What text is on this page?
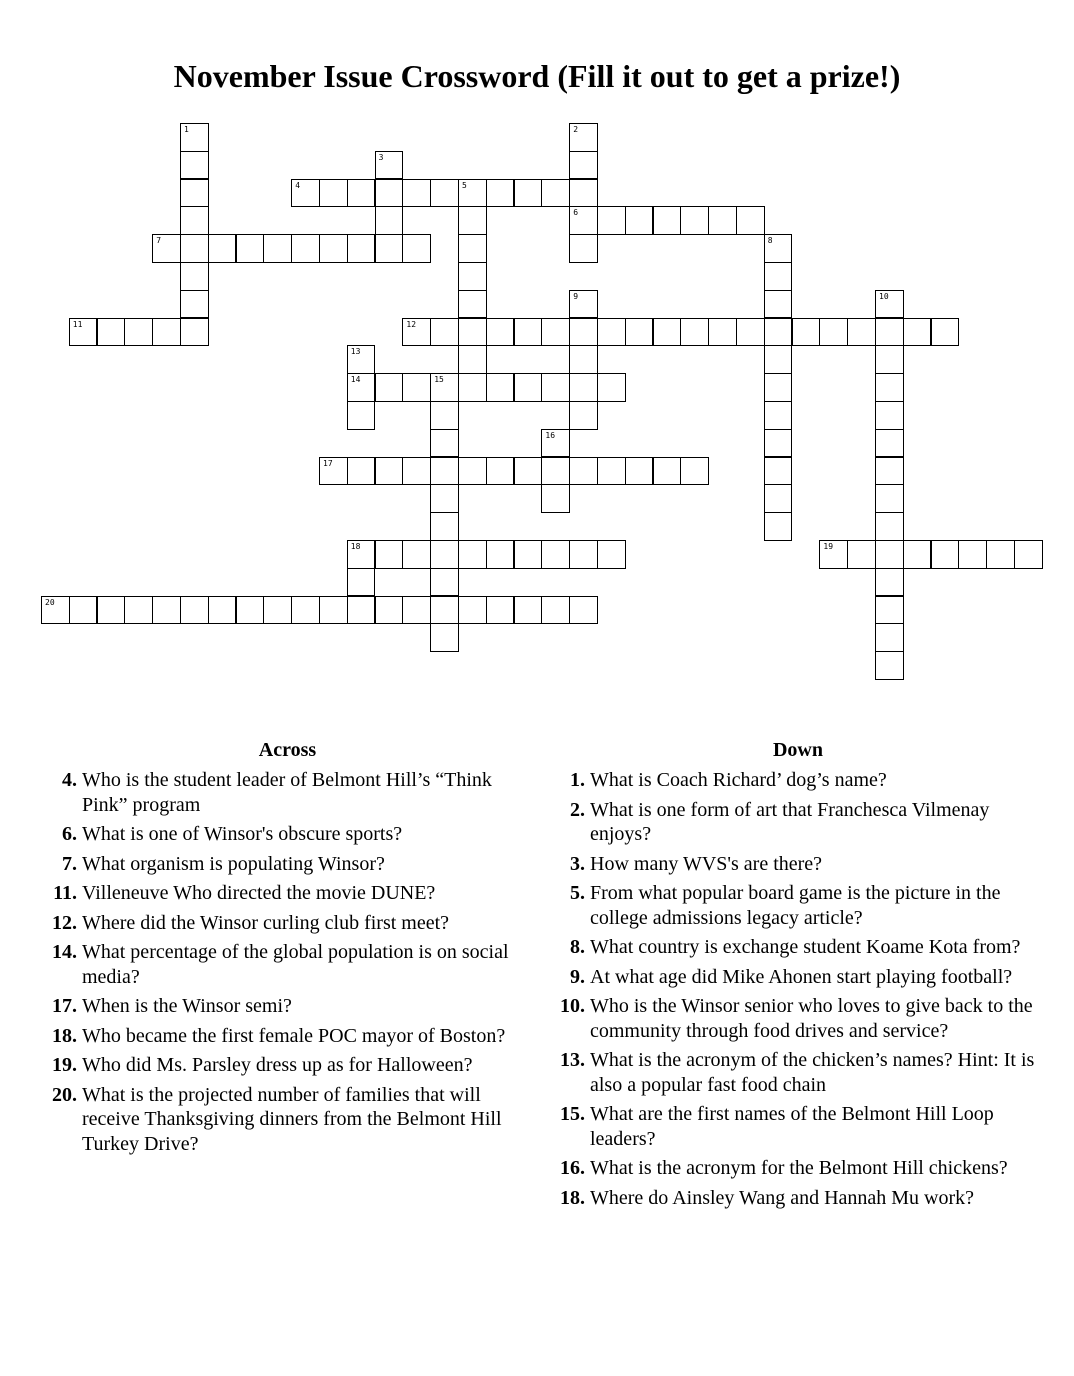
November Issue Crossword (Fill it out to get a prize!)
1	2
6
3
4	5
7	8
9	10
11	12
13
14	15
16
17
18	19
20
Across
4. Who is the student leader of Belmont Hill’s “Think Pink” program
6. What is one of Winsor's obscure sports?
7. What organism is populating Winsor?
11. Villeneuve Who directed the movie DUNE?
12. Where did the Winsor curling club first meet?
14. What percentage of the global population is on social media?
17. When is the Winsor semi?
18. Who became the first female POC mayor of Boston?
19. Who did Ms. Parsley dress up as for Halloween?
20. What is the projected number of families that will receive Thanksgiving dinners from the Belmont Hill Turkey Drive?
Down
1. What is Coach Richard’ dog’s name?
2. What is one form of art that Franchesca Vilmenay enjoys?
3. How many WVS's are there?
5. From what popular board game is the picture in the college admissions legacy article?
8. What country is exchange student Koame Kota from?
9. At what age did Mike Ahonen start playing football?
10. Who is the Winsor senior who loves to give back to the community through food drives and service?
13. What is the acronym of the chicken’s names? Hint: It is also a popular fast food chain
15. What are the first names of the Belmont Hill Loop leaders?
16. What is the acronym for the Belmont Hill chickens?
18. Where do Ainsley Wang and Hannah Mu work?
